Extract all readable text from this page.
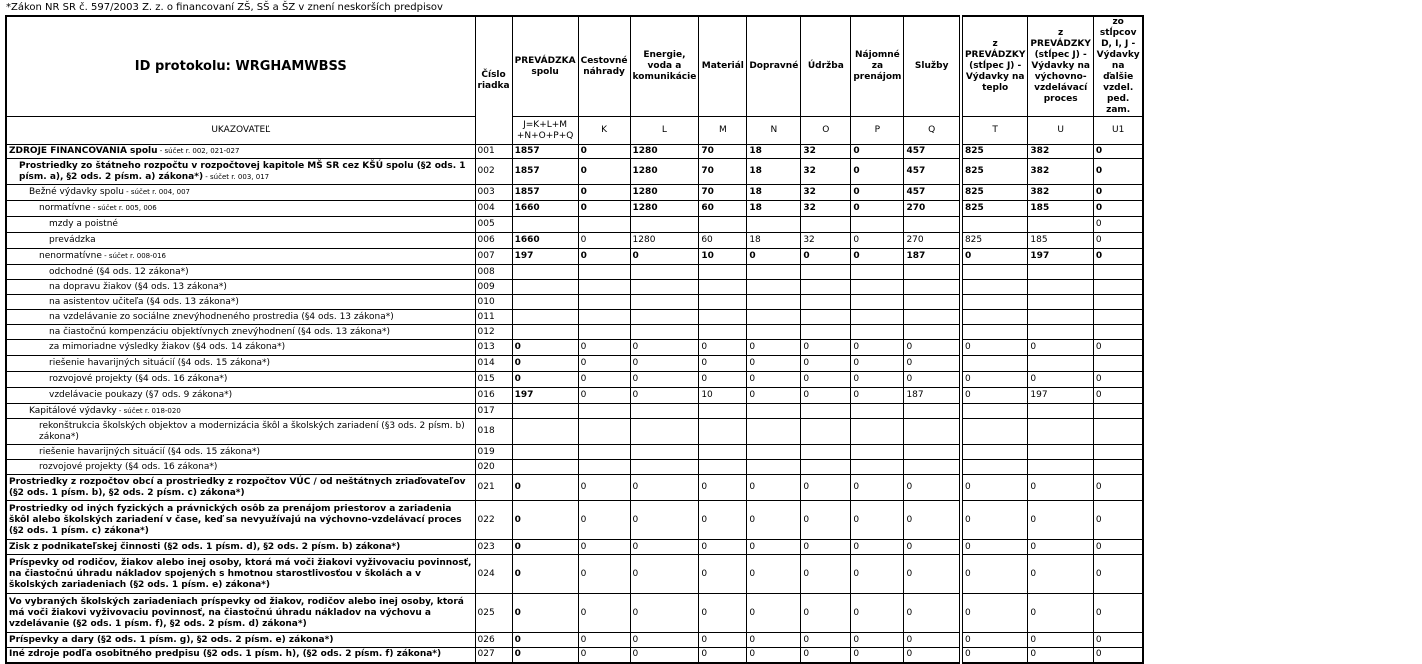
*Zákon NR SR č. 597/2003 Z. z. o financovaní ZŠ, SŠ a ŠZ v znení neskorších predpisov
ID protokolu: WRGHAMWBSS	Číslo riadka	PREVÁDZKA spolu	Cestovné náhrady	Energie, voda a komunikácie	Materiál	Dopravné	Údržba	Nájomné za prenájom	Služby	z PREVÁDZKY (stĺpec J) - Výdavky na teplo	z PREVÁDZKY (stĺpec J) - Výdavky na výchovno-vzdelávací proces	zo stĺpcov D, I, J - Výdavky na ďalšie vzdel. ped. zam.
UKAZOVATEĽ		J=K+L+M +N+O+P+Q	K	L	M	N	O	P	Q	T	U	U1
ZDROJE FINANCOVANIA spolu - súčet r. 002, 021-027	001	1857	0	1280	70	18	32	0	457	825	382	0
Prostriedky zo štátneho rozpočtu v rozpočtovej kapitole MŠ SR cez KŠÚ spolu (§2 ods. 1 písm. a), §2 ods. 2 písm. a) zákona*) - súčet r. 003, 017	002	1857	0	1280	70	18	32	0	457	825	382	0
Bežné výdavky spolu - súčet r. 004, 007	003	1857	0	1280	70	18	32	0	457	825	382	0
normatívne - súčet r. 005, 006	004	1660	0	1280	60	18	32	0	270	825	185	0
mzdy a poistné	005											0
prevádzka	006	1660	0	1280	60	18	32	0	270	825	185	0
nenormatívne - súčet r. 008-016	007	197	0	0	10	0	0	0	187	0	197	0
odchodné (§4 ods. 12 zákona*)	008											
na dopravu žiakov (§4 ods. 13 zákona*)	009											
na asistentov učiteľa (§4 ods. 13 zákona*)	010											
na vzdelávanie zo sociálne znevýhodneného prostredia (§4 ods. 13 zákona*)	011											
na čiastočnú kompenzáciu objektívnych znevýhodnení (§4 ods. 13 zákona*)	012											
za mimoriadne výsledky žiakov (§4 ods. 14 zákona*)	013	0	0	0	0	0	0	0	0	0	0	0
riešenie havarijných situácií (§4 ods. 15 zákona*)	014	0	0	0	0	0	0	0	0			
rozvojové projekty (§4 ods. 16 zákona*)	015	0	0	0	0	0	0	0	0	0	0	0
vzdelávacie poukazy (§7 ods. 9 zákona*)	016	197	0	0	10	0	0	0	187	0	197	0
Kapitálové výdavky - súčet r. 018-020	017											
rekonštrukcia školských objektov a modernizácia škôl a školských zariadení (§3 ods. 2 písm. b) zákona*)	018											
riešenie havarijných situácií (§4 ods. 15 zákona*)	019											
rozvojové projekty (§4 ods. 16 zákona*)	020											
Prostriedky z rozpočtov obcí a prostriedky z rozpočtov VÚC / od neštátnych zriaďovateľov (§2 ods. 1 písm. b), §2 ods. 2 písm. c) zákona*)	021	0	0	0	0	0	0	0	0	0	0	0
Prostriedky od iných fyzických a právnických osôb za prenájom priestorov a zariadenia škôl alebo školských zariadení v čase, keď sa nevyužívajú na výchovno-vzdelávací proces (§2 ods. 1 písm. c) zákona*)	022	0	0	0	0	0	0	0	0	0	0	0
Zisk z podnikateľskej činnosti (§2 ods. 1 písm. d), §2 ods. 2 písm. b) zákona*)	023	0	0	0	0	0	0	0	0	0	0	0
Príspevky od rodičov, žiakov alebo inej osoby, ktorá má voči žiakovi vyživovaciu povinnosť, na čiastočnú úhradu nákladov spojených s hmotnou starostlivosťou v školách a v školských zariadeniach (§2 ods. 1 písm. e) zákona*)	024	0	0	0	0	0	0	0	0	0	0	0
Vo vybraných školských zariadeniach príspevky od žiakov, rodičov alebo inej osoby, ktorá má voči žiakovi vyživovaciu povinnosť, na čiastočnú úhradu nákladov na výchovu a vzdelávanie (§2 ods. 1 písm. f), §2 ods. 2 písm. d) zákona*)	025	0	0	0	0	0	0	0	0	0	0	0
Príspevky a dary (§2 ods. 1 písm. g), §2 ods. 2 písm. e) zákona*)	026	0	0	0	0	0	0	0	0	0	0	0
Iné zdroje podľa osobitného predpisu (§2 ods. 1 písm. h), (§2 ods. 2 písm. f) zákona*)	027	0	0	0	0	0	0	0	0	0	0	0
